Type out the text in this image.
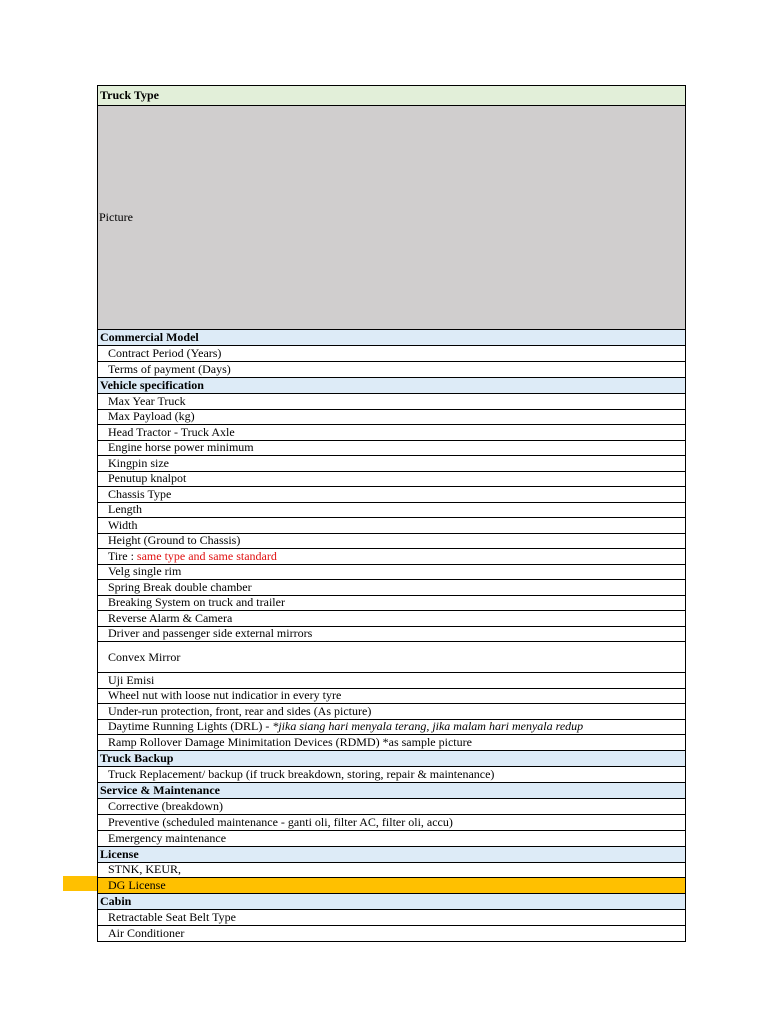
Truck Type
Picture
Commercial Model
Contract Period (Years)
Terms of payment (Days)
Vehicle specification
Max Year Truck
Max Payload (kg)
Head Tractor - Truck Axle
Engine horse power minimum
Kingpin size
Penutup knalpot
Chassis Type
Length
Width
Height (Ground to Chassis)
Tire : same type and same standard
Velg single rim
Spring Break double chamber
Breaking System on truck and trailer
Reverse Alarm & Camera
Driver and passenger side external mirrors
Convex Mirror
Uji Emisi
Wheel nut with loose nut indicatior in every tyre
Under-run protection, front, rear and sides (As picture)
Daytime Running Lights (DRL) - *jika siang hari menyala terang, jika malam hari menyala redup
Ramp Rollover Damage Minimitation Devices (RDMD) *as sample picture
Truck Backup
Truck Replacement/ backup (if truck breakdown, storing, repair & maintenance)
Service & Maintenance
Corrective (breakdown)
Preventive (scheduled maintenance - ganti oli, filter AC, filter oli, accu)
Emergency maintenance
License
STNK, KEUR,
DG License
Cabin
Retractable Seat Belt Type
Air Conditioner
